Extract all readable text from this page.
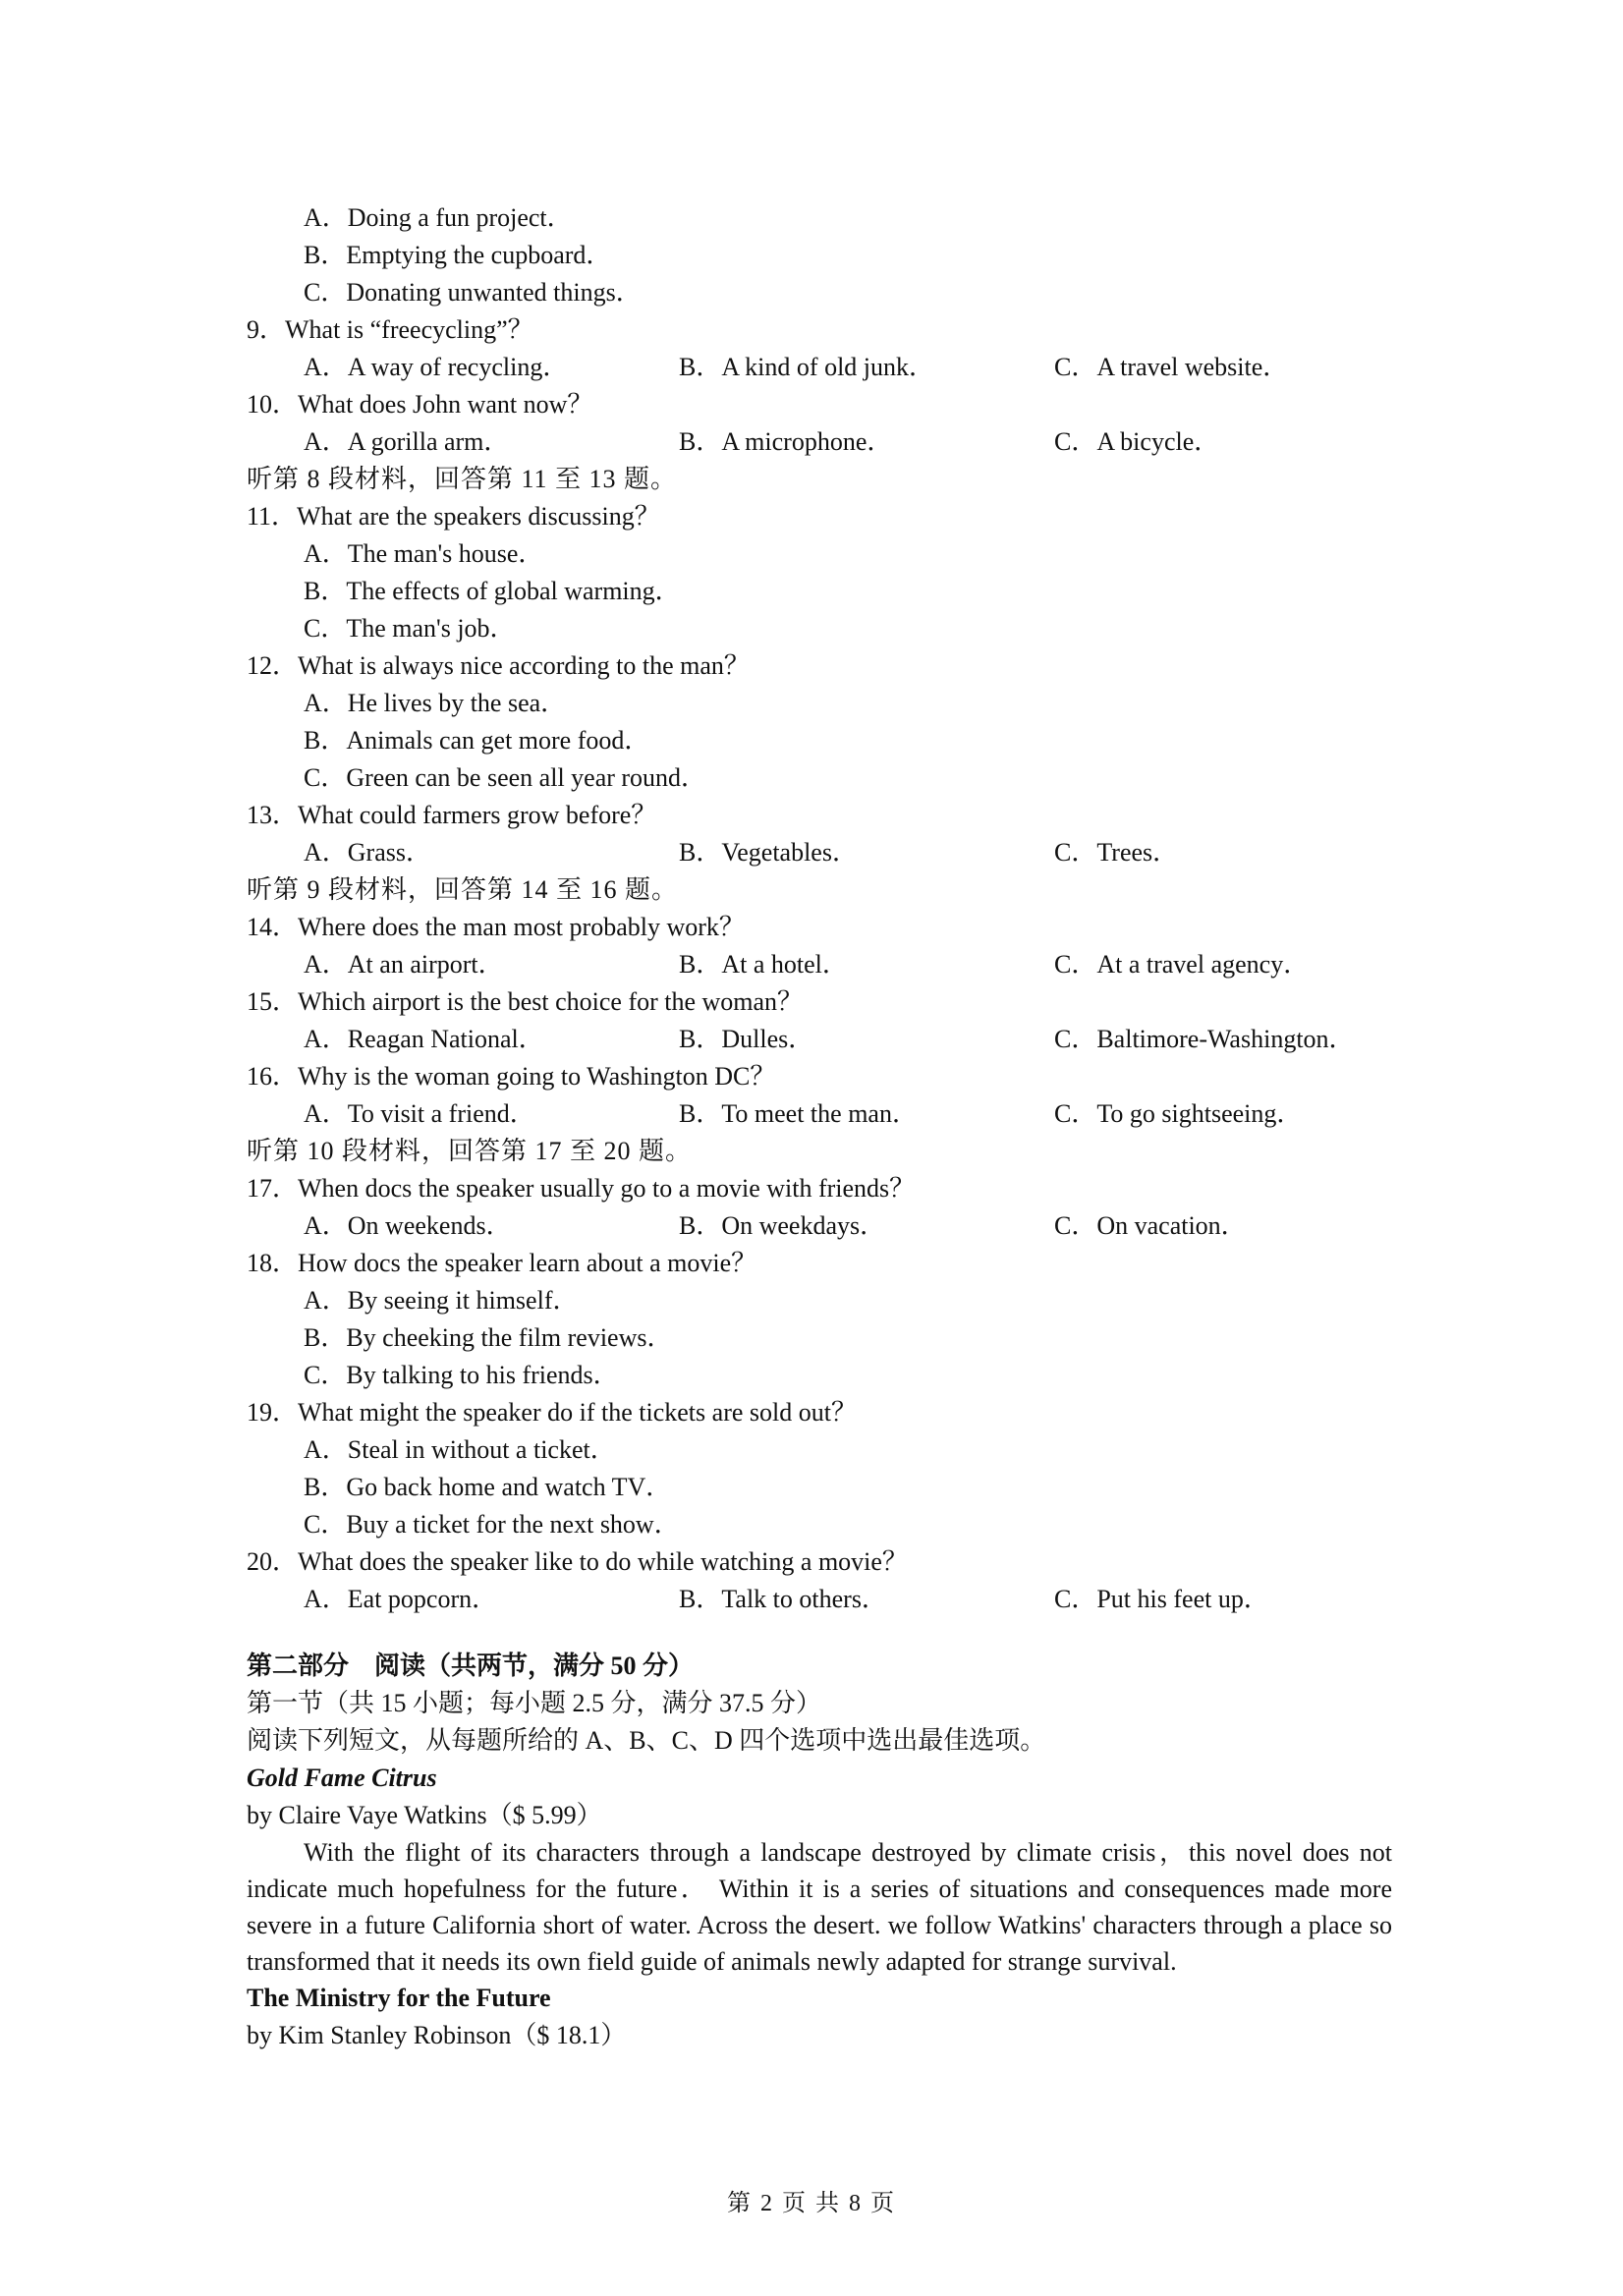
A．Doing a fun project．
B．Emptying the cupboard．
C．Donating unwanted things．
9．What is “freecycling”？
A．A way of recycling．	B．A kind of old junk．	C．A travel website．
10．What does John want now？
A．A gorilla arm．	B．A microphone．	C．A bicycle．
听第 8 段材料，回答第 11 至 13 题。
11．What are the speakers discussing？
A．The man's house．
B．The effects of global warming．
C．The man's job．
12．What is always nice according to the man？
A．He lives by the sea．
B．Animals can get more food．
C．Green can be seen all year round．
13．What could farmers grow before？
A．Grass．	B．Vegetables．	C．Trees．
听第 9 段材料，回答第 14 至 16 题。
14．Where does the man most probably work？
A．At an airport．	B．At a hotel．	C．At a travel agency．
15．Which airport is the best choice for the woman？
A．Reagan National．	B．Dulles．	C．Baltimore-Washington．
16．Why is the woman going to Washington DC？
A．To visit a friend．	B．To meet the man．	C．To go sightseeing．
听第 10 段材料，回答第 17 至 20 题。
17．When docs the speaker usually go to a movie with friends？
A．On weekends．	B．On weekdays．	C．On vacation．
18．How docs the speaker learn about a movie？
A．By seeing it himself．
B．By cheeking the film reviews．
C．By talking to his friends．
19．What might the speaker do if the tickets are sold out？
A．Steal in without a ticket．
B．Go back home and watch TV．
C．Buy a ticket for the next show．
20．What does the speaker like to do while watching a movie？
A．Eat popcorn．	B．Talk to others．	C．Put his feet up．
第二部分　阅读（共两节，满分 50 分）
第一节（共 15 小题；每小题 2.5 分，满分 37.5 分）
阅读下列短文，从每题所给的 A、B、C、D 四个选项中选出最佳选项。
Gold Fame Citrus
by Claire Vaye Watkins（$ 5.99）

With the flight of its characters through a landscape destroyed by climate crisis，this novel does not indicate much hopefulness for the future． Within it is a series of situations and consequences made more severe in a future California short of water. Across the desert. we follow Watkins' characters through a place so transformed that it needs its own field guide of animals newly adapted for strange survival.

The Ministry for the Future
by Kim Stanley Robinson（$ 18.1）
第 2 页 共 8 页
